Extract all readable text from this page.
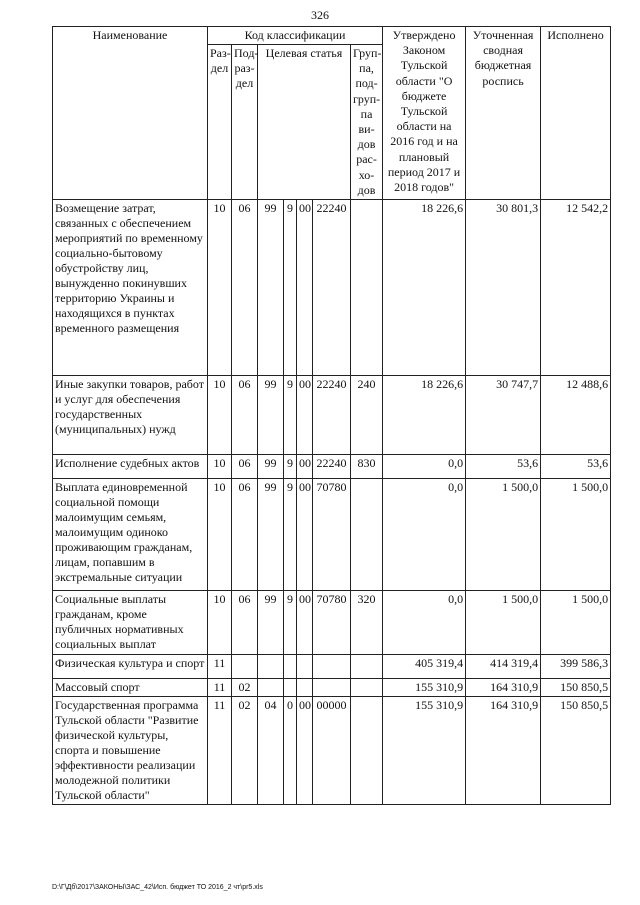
326
Наименование	Код классификации							Утверждено Законом Тульской области "О бюджете Тульской области на 2016 год и на плановый период 2017 и 2018 годов"	Уточненная сводная бюджетная роспись	Исполнено
	Раз-дел	Под-раз-дел	Целевая статья				Груп-па, под-груп-па ви-дов рас-хо-дов			
Возмещение затрат, связанных с обеспечением мероприятий по временному социально-бытовому обустройству лиц, вынужденно покинувших территорию Украины и находящихся в пунктах временного размещения	10	06	99	9	00	22240		18 226,6	30 801,3	12 542,2
Иные закупки товаров, работ и услуг для обеспечения государственных (муниципальных) нужд	10	06	99	9	00	22240	240	18 226,6	30 747,7	12 488,6
Исполнение судебных актов	10	06	99	9	00	22240	830	0,0	53,6	53,6
Выплата единовременной социальной помощи малоимущим семьям, малоимущим одиноко проживающим гражданам, лицам, попавшим в экстремальные ситуации	10	06	99	9	00	70780		0,0	1 500,0	1 500,0
Социальные выплаты гражданам, кроме публичных нормативных социальных выплат	10	06	99	9	00	70780	320	0,0	1 500,0	1 500,0
Физическая культура и спорт	11							405 319,4	414 319,4	399 586,3
Массовый спорт	11	02						155 310,9	164 310,9	150 850,5
Государственная программа Тульской области "Развитие физической культуры, спорта и повышение эффективности реализации молодежной политики Тульской области"	11	02	04	0	00	00000		155 310,9	164 310,9	150 850,5
D:\Г\Дб\2017\ЗАКОНЫ\ЗАС_42\Исп. бюджет ТО 2016_2 чт\pr5.xls
